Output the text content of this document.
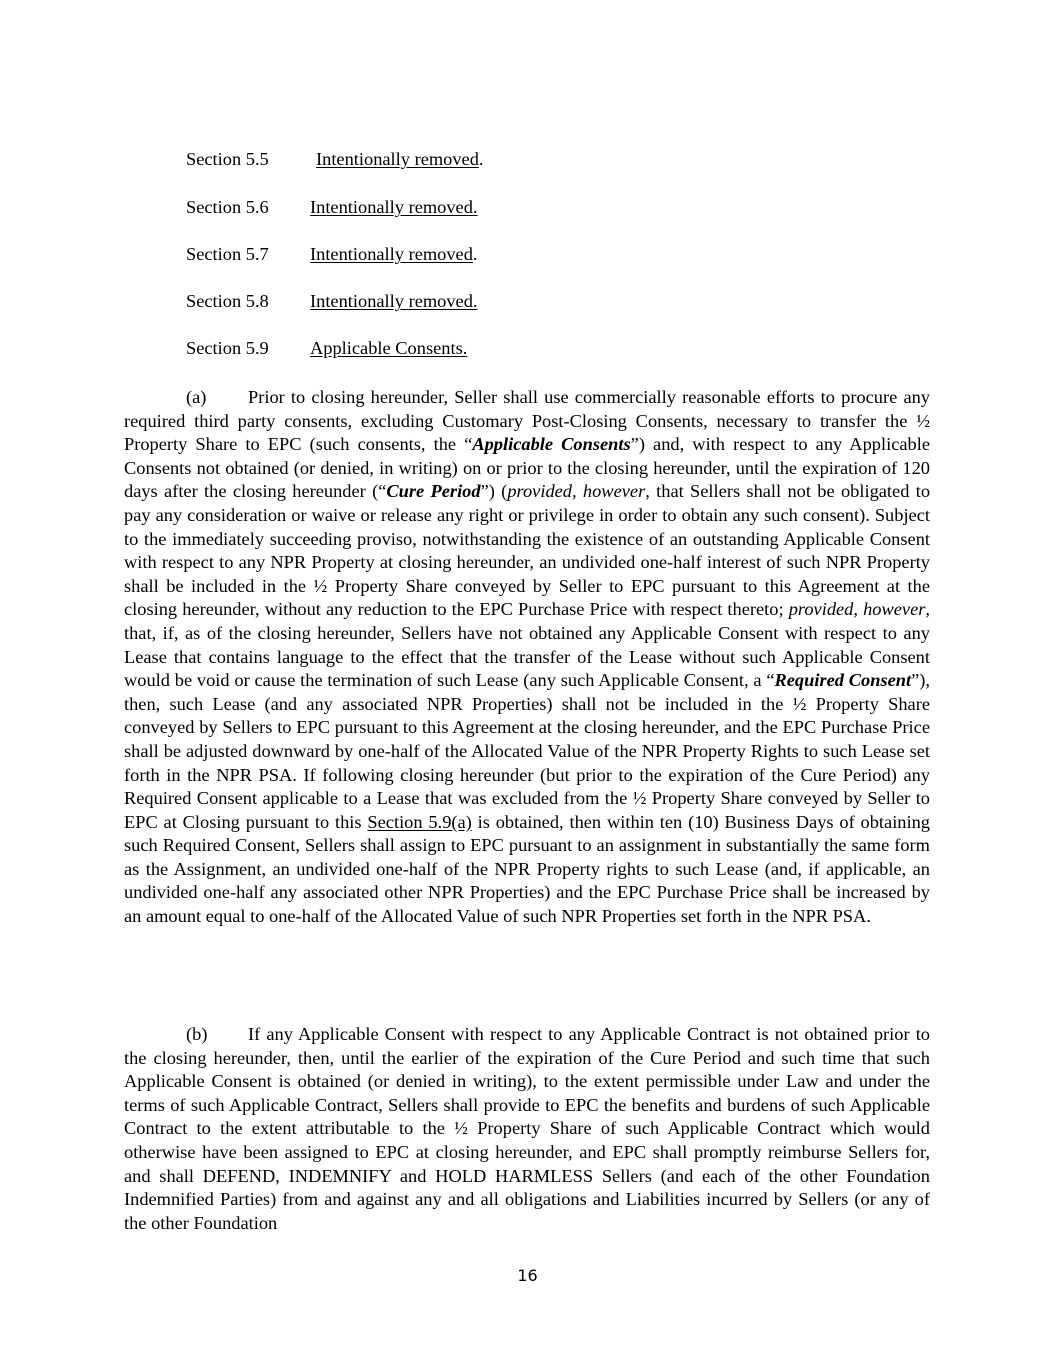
Section 5.5	Intentionally removed.
Section 5.6 Intentionally removed.
Section 5.7 Intentionally removed.
Section 5.8 Intentionally removed.
Section 5.9 Applicable Consents.

(a) Prior to closing hereunder, Seller shall use commercially reasonable efforts to procure any required third party consents, excluding Customary Post-Closing Consents, necessary to transfer the ½ Property Share to EPC (such consents, the “Applicable Consents”) and, with respect to any Applicable Consents not obtained (or denied, in writing) on or prior to the closing hereunder, until the expiration of 120 days after the closing hereunder (“Cure Period”) (provided, however, that Sellers shall not be obligated to pay any consideration or waive or release any right or privilege in order to obtain any such consent). Subject to the immediately succeeding proviso, notwithstanding the existence of an outstanding Applicable Consent with respect to any NPR Property at closing hereunder, an undivided one-half interest of such NPR Property shall be included in the ½ Property Share conveyed by Seller to EPC pursuant to this Agreement at the closing hereunder, without any reduction to the EPC Purchase Price with respect thereto; provided, however, that, if, as of the closing hereunder, Sellers have not obtained any Applicable Consent with respect to any Lease that contains language to the effect that the transfer of the Lease without such Applicable Consent would be void or cause the termination of such Lease (any such Applicable Consent, a “Required Consent”), then, such Lease (and any associated NPR Properties) shall not be included in the ½ Property Share conveyed by Sellers to EPC pursuant to this Agreement at the closing hereunder, and the EPC Purchase Price shall be adjusted downward by one-half of the Allocated Value of the NPR Property Rights to such Lease set forth in the NPR PSA. If following closing hereunder (but prior to the expiration of the Cure Period) any Required Consent applicable to a Lease that was excluded from the ½ Property Share conveyed by Seller to EPC at Closing pursuant to this Section 5.9(a) is obtained, then within ten (10) Business Days of obtaining such Required Consent, Sellers shall assign to EPC pursuant to an assignment in substantially the same form as the Assignment, an undivided one-half of the NPR Property rights to such Lease (and, if applicable, an undivided one-half any associated other NPR Properties) and the EPC Purchase Price shall be increased by an amount equal to one-half of the Allocated Value of such NPR Properties set forth in the NPR PSA.

(b) If any Applicable Consent with respect to any Applicable Contract is not obtained prior to the closing hereunder, then, until the earlier of the expiration of the Cure Period and such time that such Applicable Consent is obtained (or denied in writing), to the extent permissible under Law and under the terms of such Applicable Contract, Sellers shall provide to EPC the benefits and burdens of such Applicable Contract to the extent attributable to the ½ Property Share of such Applicable Contract which would otherwise have been assigned to EPC at closing hereunder, and EPC shall promptly reimburse Sellers for, and shall DEFEND, INDEMNIFY and HOLD HARMLESS Sellers (and each of the other Foundation Indemnified Parties) from and against any and all obligations and Liabilities incurred by Sellers (or any of the other Foundation

16
